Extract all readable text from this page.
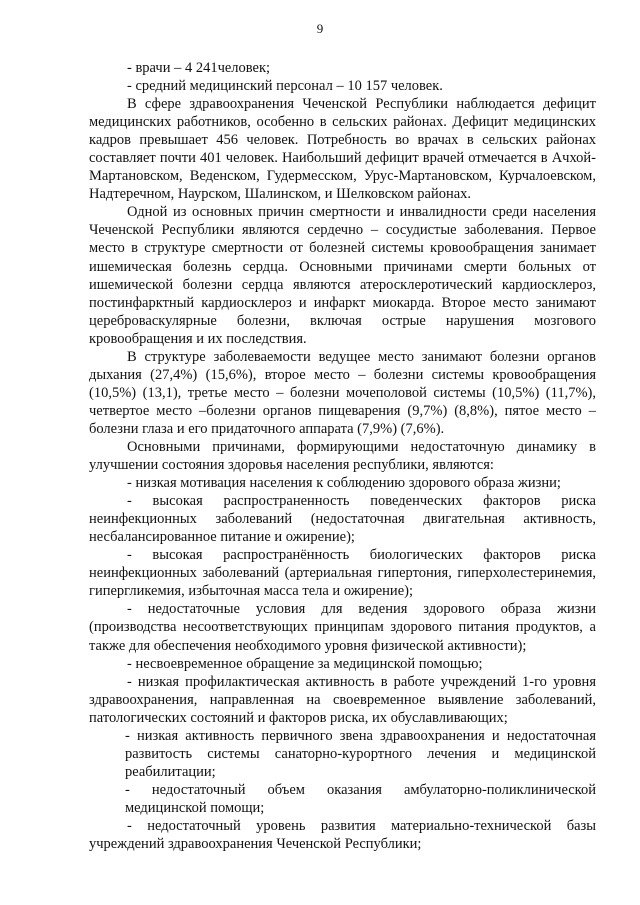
9

- врачи – 4 241человек;

- средний медицинский персонал – 10 157 человек.

В сфере здравоохранения Чеченской Республики наблюдается дефицит медицинских работников, особенно в сельских районах. Дефицит медицинских кадров превышает 456 человек. Потребность во врачах в сельских районах составляет почти 401 человек. Наибольший дефицит врачей отмечается в Ачхой-Мартановском, Веденском, Гудермесском, Урус-Мартановском, Курчалоевском, Надтеречном, Наурском, Шалинском, и Шелковском районах.

Одной из основных причин смертности и инвалидности среди населения Чеченской Республики являются сердечно – сосудистые заболевания. Первое место в структуре смертности от болезней системы кровообращения занимает ишемическая болезнь сердца. Основными причинами смерти больных от ишемической болезни сердца являются атеросклеротический кардиосклероз, постинфарктный кардиосклероз и инфаркт миокарда. Второе место занимают цереброваскулярные болезни, включая острые нарушения мозгового кровообращения и их последствия.

В структуре заболеваемости ведущее место занимают болезни органов дыхания (27,4%) (15,6%), второе место – болезни системы кровообращения (10,5%) (13,1), третье место – болезни мочеполовой системы (10,5%) (11,7%), четвертое место –болезни органов пищеварения (9,7%) (8,8%), пятое место – болезни глаза и его придаточного аппарата (7,9%) (7,6%).

Основными причинами, формирующими недостаточную динамику в улучшении состояния здоровья населения республики, являются:

- низкая мотивация населения к соблюдению здорового образа жизни;

- высокая распространенность поведенческих факторов риска неинфекционных заболеваний (недостаточная двигательная активность, несбалансированное питание и ожирение);

- высокая распространённость биологических факторов риска неинфекционных заболеваний (артериальная гипертония, гиперхолестеринемия, гипергликемия, избыточная масса тела и ожирение);

- недостаточные условия для ведения здорового образа жизни (производства несоответствующих принципам здорового питания продуктов, а также для обеспечения необходимого уровня физической активности);

- несвоевременное обращение за медицинской помощью;

- низкая профилактическая активность в работе учреждений 1-го уровня здравоохранения, направленная на своевременное выявление заболеваний, патологических состояний и факторов риска, их обуславливающих;

- низкая активность первичного звена здравоохранения и недостаточная развитость системы санаторно-курортного лечения и медицинской реабилитации;

- недостаточный объем оказания амбулаторно-поликлинической медицинской помощи;

- недостаточный уровень развития материально-технической базы учреждений здравоохранения Чеченской Республики;
